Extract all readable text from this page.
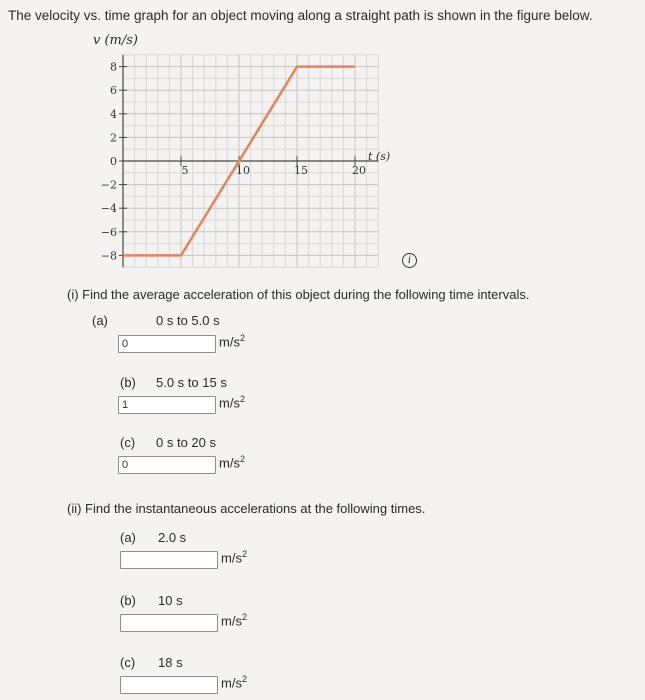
The velocity vs. time graph for an object moving along a straight path is shown in the figure below.
v (m/s)
8
6
4
2
0
−2
−4
−6
−8
5	10	15	20
t (s)
i
(i) Find the average acceleration of this object during the following time intervals.
(a)	0 s to 5.0 s
0
$m/s^2$
(b) 5.0 s to 15 s
1
$m/s^2$
(c) 0 s to 20 s
0
$m/s^2$
(ii) Find the instantaneous accelerations at the following times.
(a) 2.0 s
$m/s^2$
(b) 10 s
$m/s^2$
(c) 18 s
$m/s^2$
